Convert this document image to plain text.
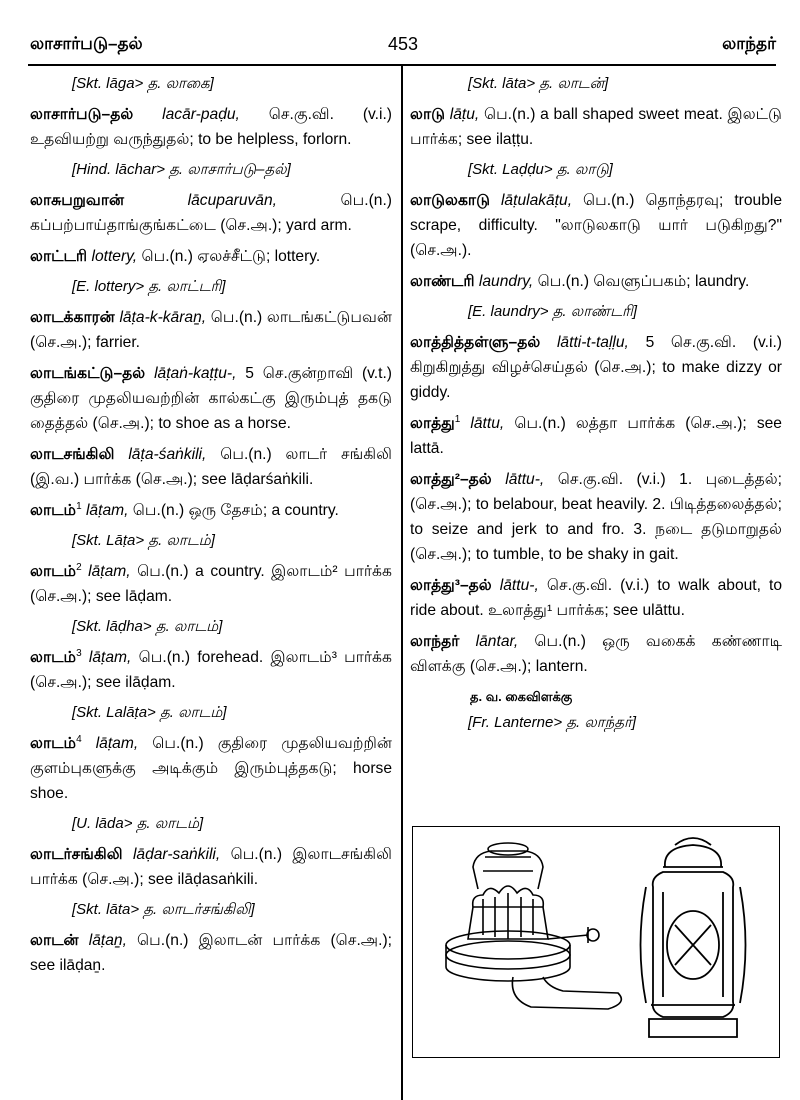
லாசார்படு–தல்	453	லாந்தர்
[Skt. lāga> த. லாகை]
லாசார்படு–தல் lacār-paḍu, செ.கு.வி. (v.i.) உதவியற்று வருந்துதல்; to be helpless, forlorn.
[Hind. lāchar> த. லாசார்படு–தல்]
லாசுபறுவான்	lācuparuvān,	பெ.(n.) கப்பற்பாய்தாங்குங்கட்டை (செ.அ.); yard arm.
லாட்டரி lottery, பெ.(n.) ஏலச்சீட்டு; lottery.
[E. lottery> த. லாட்டரி]
லாடக்காரன் lāṭa-k-kāraṉ, பெ.(n.) லாடங்கட்டுபவன் (செ.அ.); farrier.
லாடங்கட்டு–தல் lāṭaṅ-kaṭṭu-, 5 செ.குன்றாவி (v.t.) குதிரை முதலியவற்றின் கால்கட்கு இரும்புத் தகடு தைத்தல் (செ.அ.); to shoe as a horse.
லாடசங்கிலி lāṭa-śaṅkili, பெ.(n.) லாடர் சங்கிலி (இ.வ.) பார்க்க (செ.அ.); see lāḍarśaṅkili.
லாடம்$^1$ lāṭam, பெ.(n.) ஒரு தேசம்; a country.
[Skt. Lāṭa> த. லாடம்]
லாடம்$^2$ lāṭam, பெ.(n.) a country. இலாடம்² பார்க்க (செ.அ.); see lāḍam.
[Skt. lāḍha> த. லாடம்]
லாடம்$^3$ lāṭam, பெ.(n.) forehead. இலாடம்³ பார்க்க (செ.அ.); see ilāḍam.
[Skt. Lalāṭa> த. லாடம்]
லாடம்$^4$ lāṭam, பெ.(n.) குதிரை முதலியவற்றின் குளம்புகளுக்கு அடிக்கும் இரும்புத்தகடு; horse shoe.
[U. lāda> த. லாடம்]
லாடர்சங்கிலி lāḍar-saṅkili, பெ.(n.) இலாடசங்கிலி பார்க்க (செ.அ.); see ilāḍasaṅkili.
[Skt. lāta> த. லாடர்சங்கிலி]
லாடன் lāṭaṉ, பெ.(n.) இலாடன் பார்க்க (செ.அ.); see ilāḍaṉ.
[Skt. lāta> த. லாடன்]
லாடு lāṭu, பெ.(n.) a ball shaped sweet meat. இலட்டு பார்க்க; see ilaṭṭu.
[Skt. Laḍḍu> த. லாடு]
லாடுலகாடு lāṭulakāṭu, பெ.(n.) தொந்தரவு; trouble scrape, difficulty. "லாடுலகாடு யார் படுகிறது?" (செ.அ.).
லாண்டரி laundry, பெ.(n.) வெளுப்பகம்; laundry.
[E. laundry> த. லாண்டரி]
லாத்தித்தள்ளு–தல் lātti-t-taḷḷu, 5 செ.கு.வி. (v.i.) கிறுகிறுத்து விழச்செய்தல் (செ.அ.); to make dizzy or giddy.
லாத்து$^1$ lāttu, பெ.(n.) லத்தா பார்க்க (செ.அ.); see lattā.
லாத்து²–தல் lāttu-, செ.கு.வி. (v.i.) 1. புடைத்தல்; (செ.அ.); to belabour, beat heavily. 2. பிடித்தலைத்தல்; to seize and jerk to and fro. 3. நடை தடுமாறுதல் (செ.அ.); to tumble, to be shaky in gait.
லாத்து³–தல் lāttu-, செ.கு.வி. (v.i.) to walk about, to ride about. உலாத்து¹ பார்க்க; see ulāttu.
லாந்தர் lāntar, பெ.(n.) ஒரு வகைக் கண்ணாடி விளக்கு (செ.அ.); lantern.
த. வ. கைவிளக்கு
[Fr. Lanterne> த. லாந்தர்]
